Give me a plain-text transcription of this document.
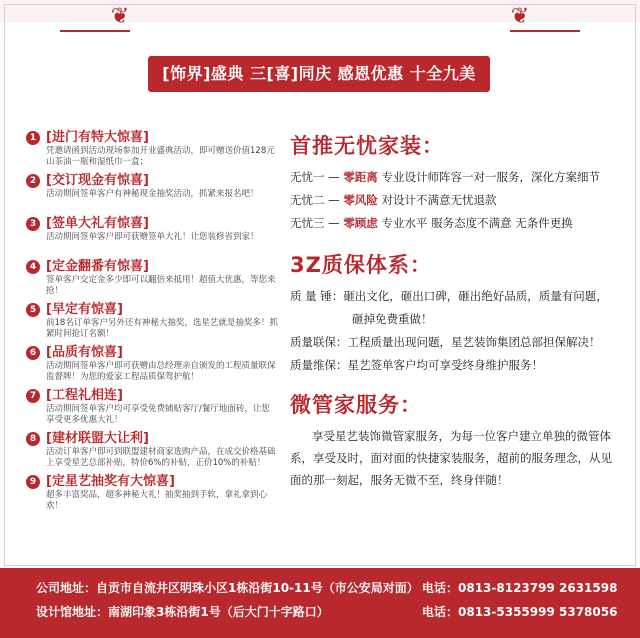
❦	❦
[饰界]盛典 三[喜]同庆 感恩优惠 十全九美
1 [进门有特大惊喜]
凭邀请函到活动现场参加开业盛典活动，即可赠送价值128元山茶油一瓶和湿纸巾一盒；
2 [交订现金有惊喜]
活动期间签单客户有神秘现金抽奖活动，抓紧来报名吧！
3 [签单大礼有惊喜]
活动期间签单客户即可获赠签单大礼！让您装修省到家！
4 [定金翻番有惊喜]
签单客户交定金多少即可以翻倍来抵用！超值大优惠，等您来抢！
5 [早定有惊喜]
前18名订单客户另外还有神秘大抽奖，选星艺就是抽奖多！抓紧时间抢订名额！
6 [品质有惊喜]
活动期间签单客户即可获赠由总经理亲自颁发的工程质量联保监督牌！为您的爱家工程品质保驾护航！
7 [工程礼相连]
活动期间签单客户均可享受免费铺贴客厅/餐厅地面砖，让您享受更多优惠大礼！
8 [建材联盟大让利]
活动订单客户即可到联盟建材商家选购产品，在成交价格基础上享受星艺总部补贴，特价6%的补贴，正价10%的补贴！
9 [定星艺抽奖有大惊喜]
超多丰富奖品，超多神秘大礼！抽奖抽到手软，拿礼拿到心欢！
首推无忧家装：
无忧一 — 零距离 专业设计师阵容一对一服务，深化方案细节
无忧二 — 零风险 对设计不满意无忧退款
无忧三 — 零顾虑 专业水平 服务态度不满意 无条件更换
3Z质保体系：
质 量 锤：砸出文化，砸出口碑，砸出绝好品质，质量有问题，
砸掉免费重做！
质量联保：工程质量出现问题，星艺装饰集团总部担保解决！
质量维保：星艺签单客户均可享受终身维护服务！
微管家服务：
享受星艺装饰微管家服务，为每一位客户建立单独的微管体系，享受及时，面对面的快捷家装服务，超前的服务理念，从见面的那一刻起，服务无微不至，终身伴随！
公司地址：自贡市自流井区明珠小区1栋沿街10-11号（市公安局对面） 电话：0813-8123799 2631598
设计馆地址：南湖印象3栋沿街1号（后大门十字路口）	电话：0813-5355999 5378056
